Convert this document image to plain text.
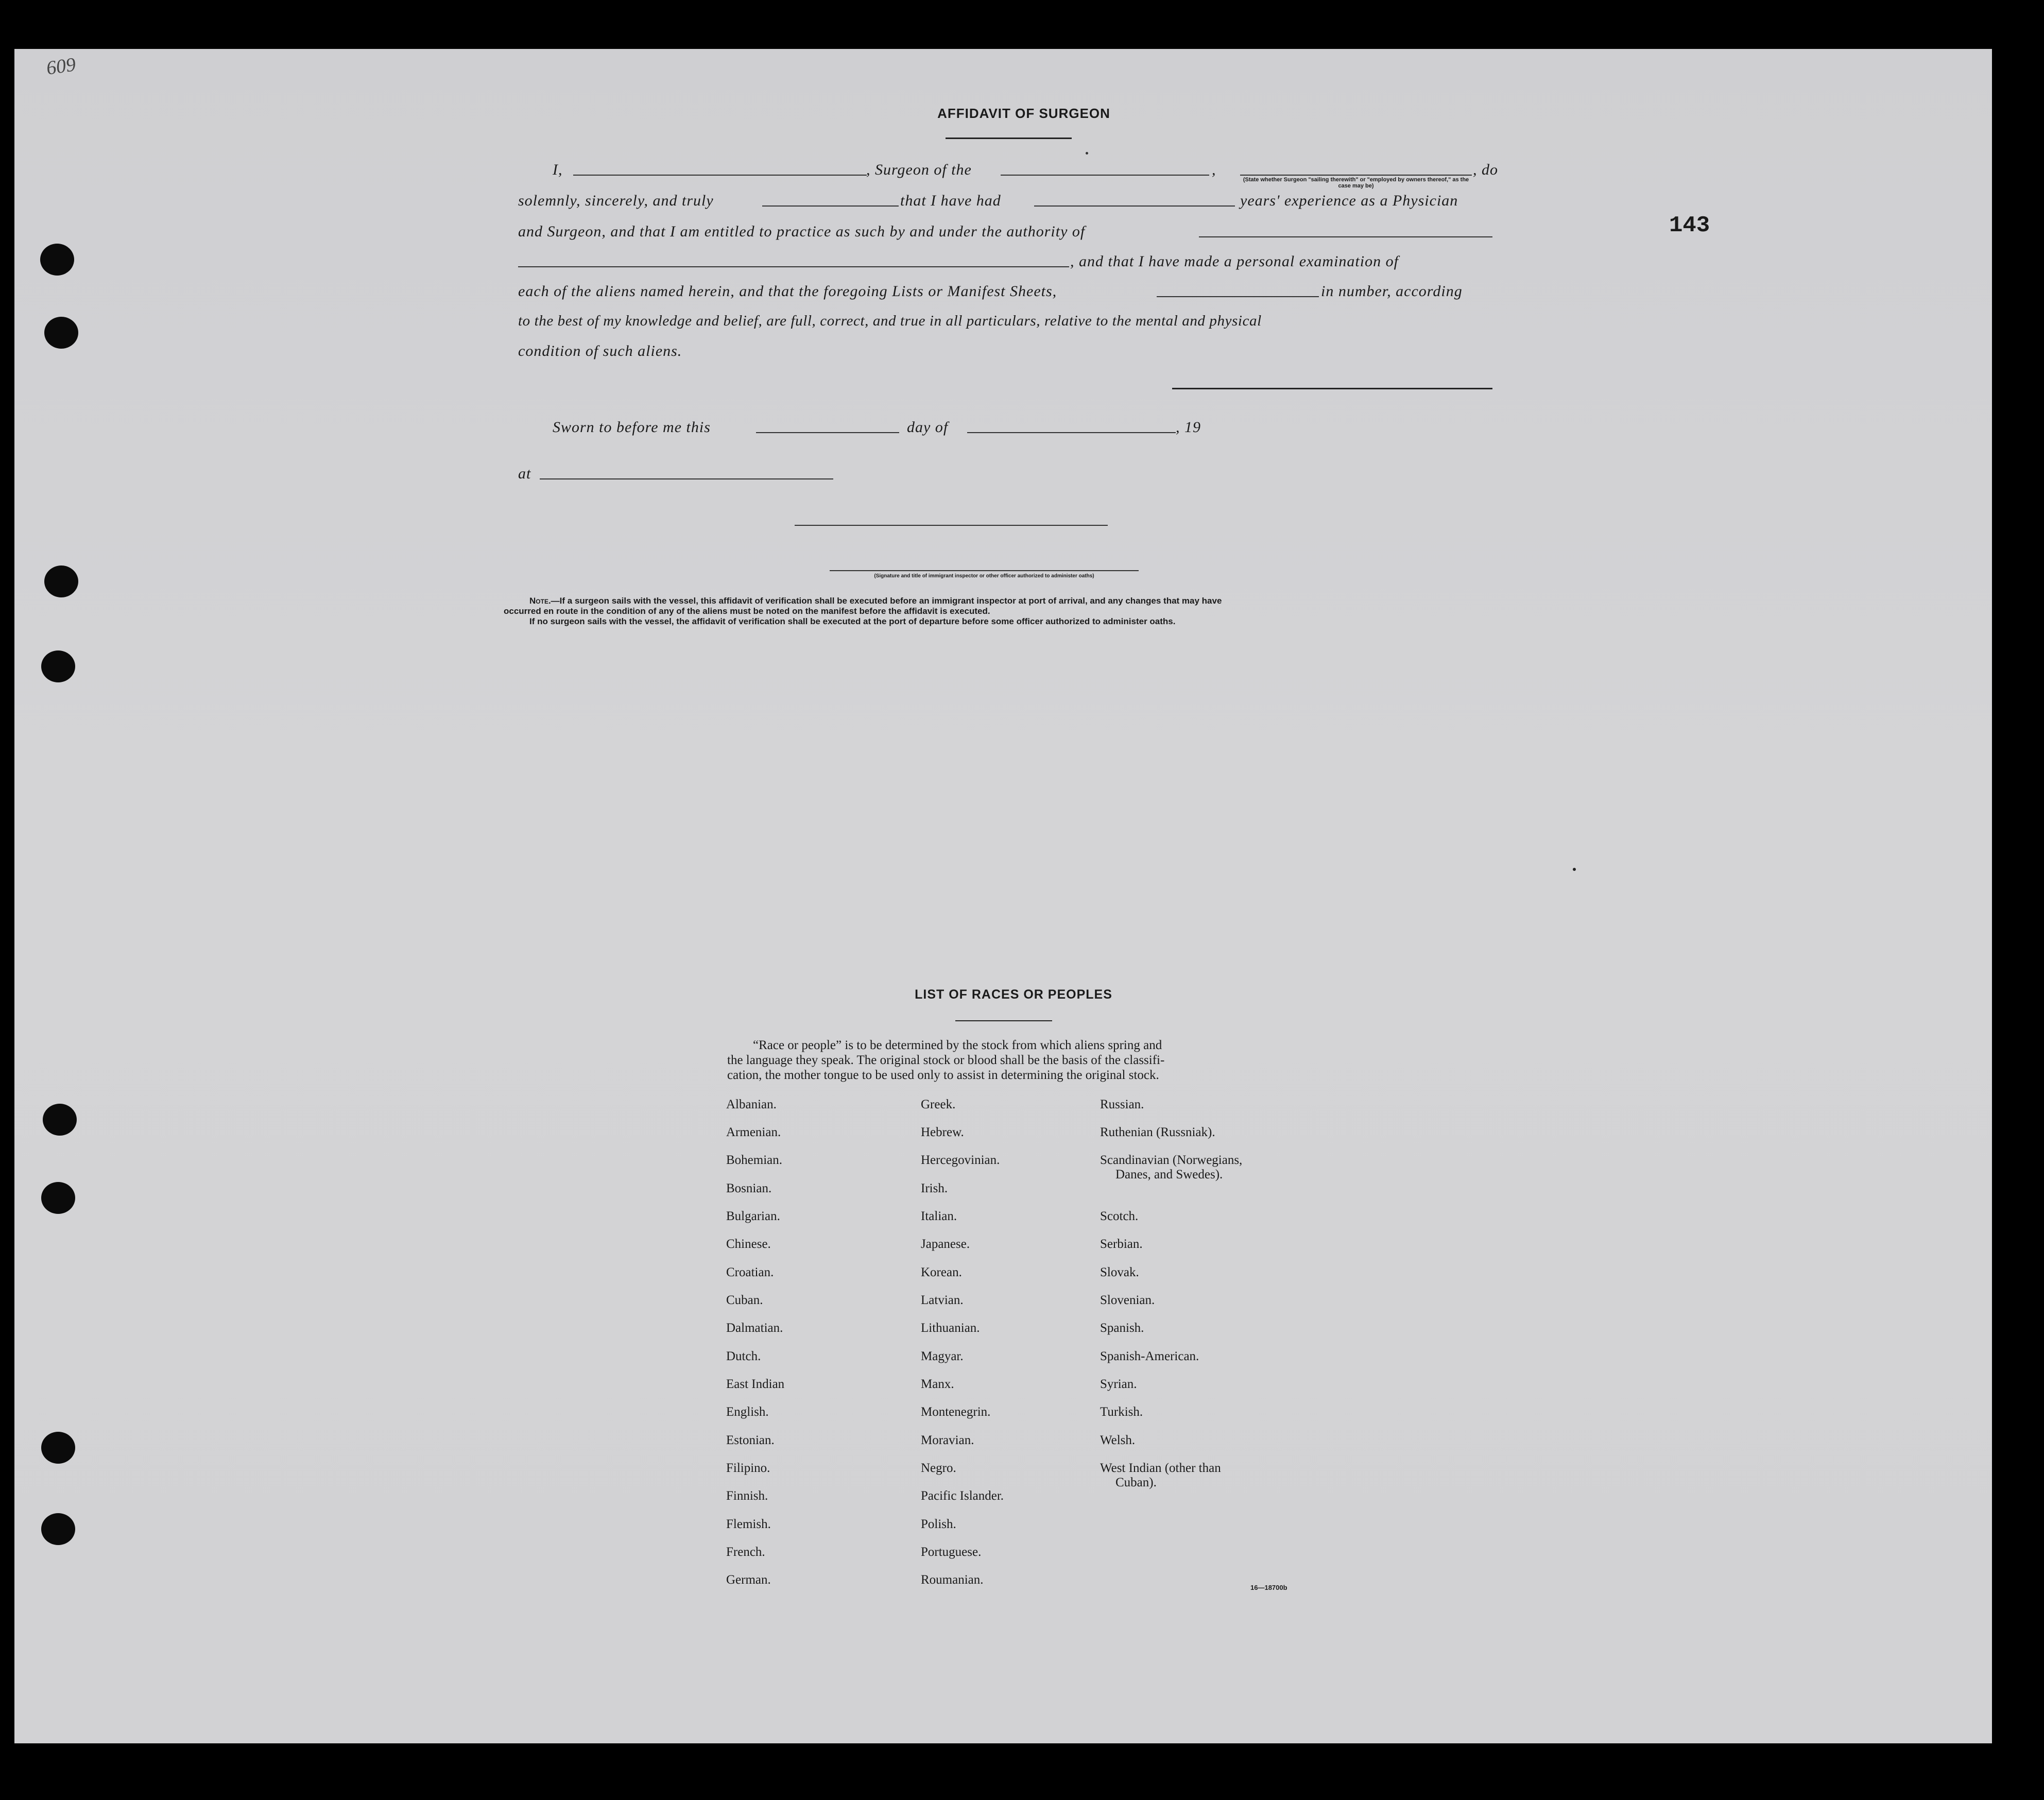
609
143
AFFIDAVIT OF SURGEON
I,	, Surgeon of the	,
(State whether Surgeon "sailing therewith" or "employed by owners thereof," as the case may be)
, do
solemnly, sincerely, and truly	that I have had	years' experience as a Physician
and Surgeon, and that I am entitled to practice as such by and under the authority of
, and that I have made a personal examination of
each of the aliens named herein, and that the foregoing Lists or Manifest Sheets,	in number, according
to the best of my knowledge and belief, are full, correct, and true in all particulars, relative to the mental and physical
condition of such aliens.
Sworn to before me this	day of	, 19
at
(Signature and title of immigrant inspector or other officer authorized to administer oaths)
Note.—If a surgeon sails with the vessel, this affidavit of verification shall be executed before an immigrant inspector at port of arrival, and any changes that may have
occurred en route in the condition of any of the aliens must be noted on the manifest before the affidavit is executed.
If no surgeon sails with the vessel, the affidavit of verification shall be executed at the port of departure before some officer authorized to administer oaths.
LIST OF RACES OR PEOPLES
“Race or people” is to be determined by the stock from which aliens spring and
the language they speak. The original stock or blood shall be the basis of the classifi-
cation, the mother tongue to be used only to assist in determining the original stock.
Albanian.
Armenian.
Bohemian.
Bosnian.
Bulgarian.
Chinese.
Croatian.
Cuban.
Dalmatian.
Dutch.
East Indian
English.
Estonian.
Filipino.
Finnish.
Flemish.
French.
German.
Greek.
Hebrew.
Hercegovinian.
Irish.
Italian.
Japanese.
Korean.
Latvian.
Lithuanian.
Magyar.
Manx.
Montenegrin.
Moravian.
Negro.
Pacific Islander.
Polish.
Portuguese.
Roumanian.
Russian.
Ruthenian (Russniak).
Scandinavian (Norwegians,
Danes, and Swedes).
Scotch.
Serbian.
Slovak.
Slovenian.
Spanish.
Spanish-American.
Syrian.
Turkish.
Welsh.
West Indian (other than
Cuban).
16—18700b
